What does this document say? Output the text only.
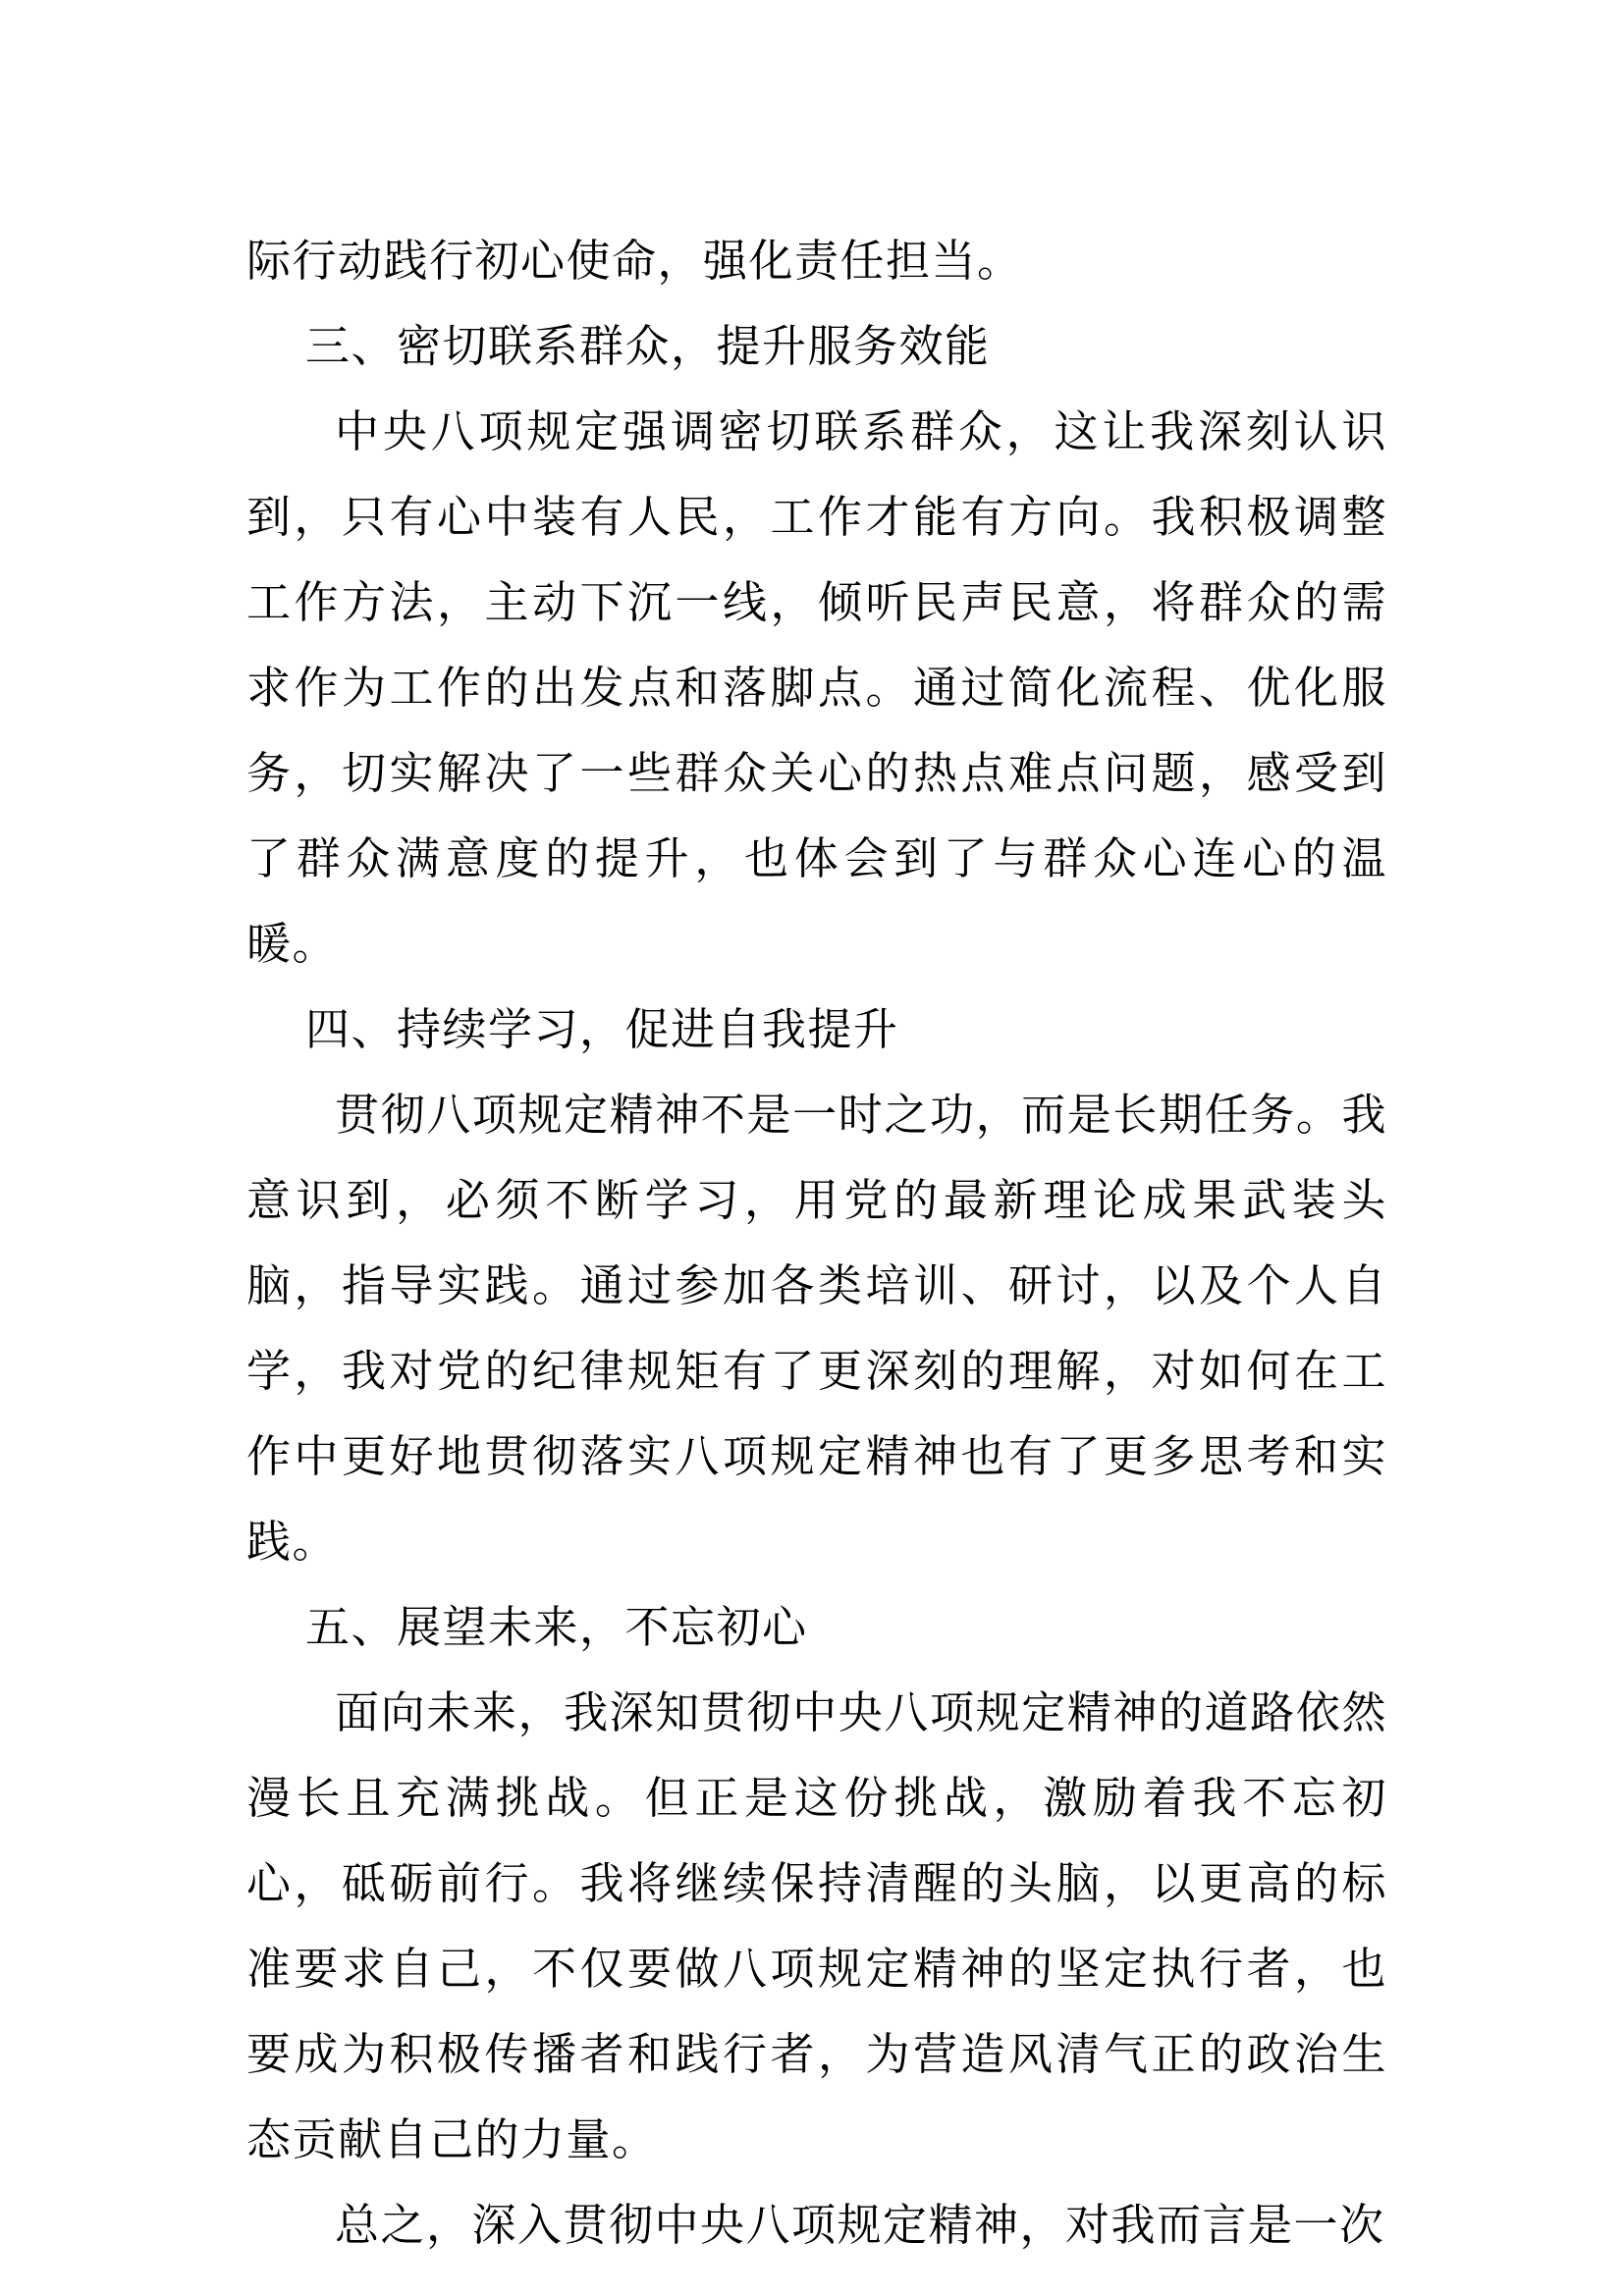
际行动践行初心使命，强化责任担当。

三、密切联系群众，提升服务效能

中央八项规定强调密切联系群众，这让我深刻认识到，只有心中装有人民，工作才能有方向。我积极调整工作方法，主动下沉一线，倾听民声民意，将群众的需求作为工作的出发点和落脚点。通过简化流程、优化服务，切实解决了一些群众关心的热点难点问题，感受到了群众满意度的提升，也体会到了与群众心连心的温暖。

四、持续学习，促进自我提升

贯彻八项规定精神不是一时之功，而是长期任务。我意识到，必须不断学习，用党的最新理论成果武装头脑，指导实践。通过参加各类培训、研讨，以及个人自学，我对党的纪律规矩有了更深刻的理解，对如何在工作中更好地贯彻落实八项规定精神也有了更多思考和实践。

五、展望未来，不忘初心

面向未来，我深知贯彻中央八项规定精神的道路依然漫长且充满挑战。但正是这份挑战，激励着我不忘初心，砥砺前行。我将继续保持清醒的头脑，以更高的标准要求自己，不仅要做八项规定精神的坚定执行者，也要成为积极传播者和践行者，为营造风清气正的政治生态贡献自己的力量。

总之，深入贯彻中央八项规定精神，对我而言是一次
